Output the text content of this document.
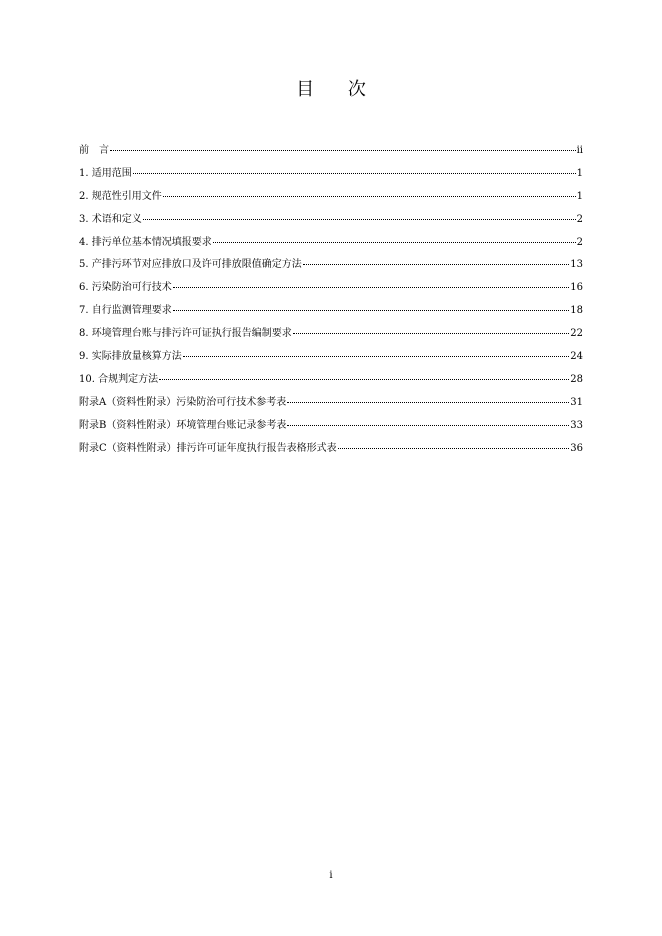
目 次
前　言	ii
1. 适用范围	1
2. 规范性引用文件	1
3. 术语和定义	2
4. 排污单位基本情况填报要求	2
5. 产排污环节对应排放口及许可排放限值确定方法	13
6. 污染防治可行技术	16
7. 自行监测管理要求	18
8. 环境管理台账与排污许可证执行报告编制要求	22
9. 实际排放量核算方法	24
10. 合规判定方法	28
附录A（资料性附录）污染防治可行技术参考表	31
附录B（资料性附录）环境管理台账记录参考表	33
附录C（资料性附录）排污许可证年度执行报告表格形式表	36
i
